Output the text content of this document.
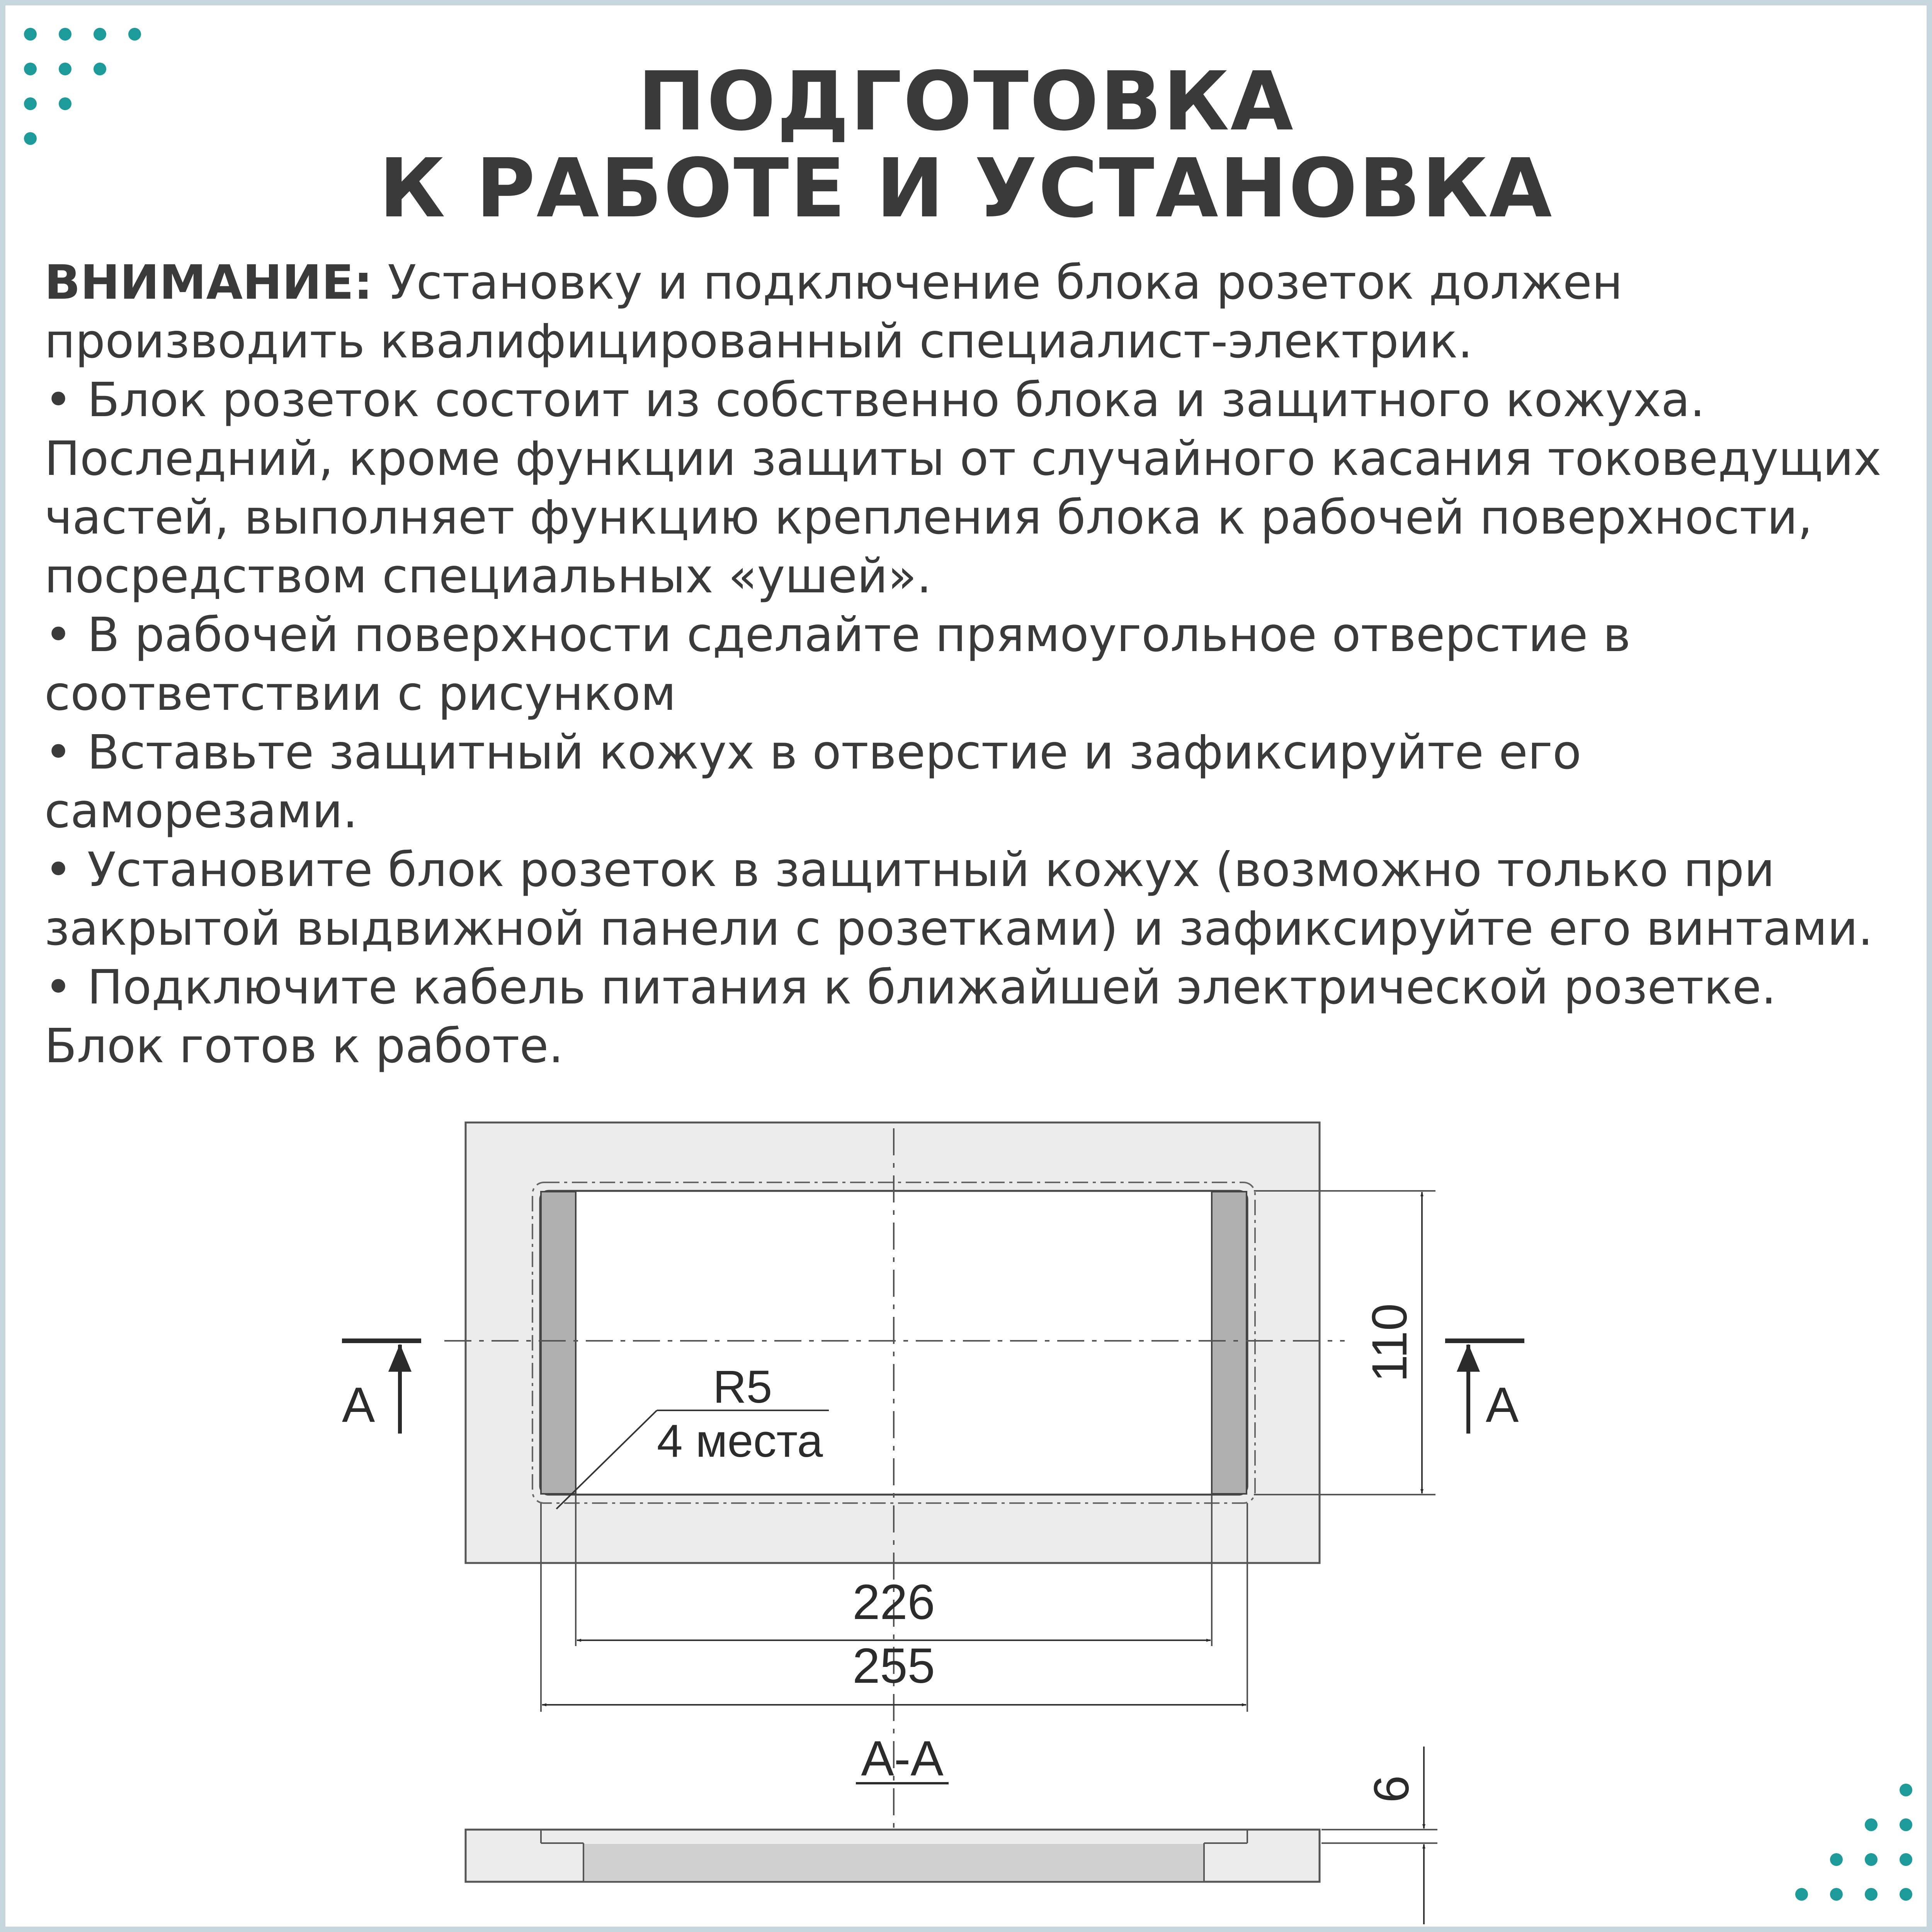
ПОДГОТОВКА
К РАБОТЕ И УСТАНОВКА

ВНИМАНИЕ: Установку и подключение блока розеток должен

производить квалифицированный специалист-электрик.

• Блок розеток состоит из собственно блока и защитного кожуха.

Последний, кроме функции защиты от случайного касания токоведущих

частей, выполняет функцию крепления блока к рабочей поверхности,

посредством специальных «ушей».

• В рабочей поверхности сделайте прямоугольное отверстие в

соответствии с рисунком

• Вставьте защитный кожух в отверстие и зафиксируйте его

саморезами.

• Установите блок розеток в защитный кожух (возможно только при

закрытой выдвижной панели с розетками) и зафиксируйте его винтами.

• Подключите кабель питания к ближайшей электрической розетке.

Блок готов к работе.

A	A
R5
4 места
110
226
255
A-A
6
